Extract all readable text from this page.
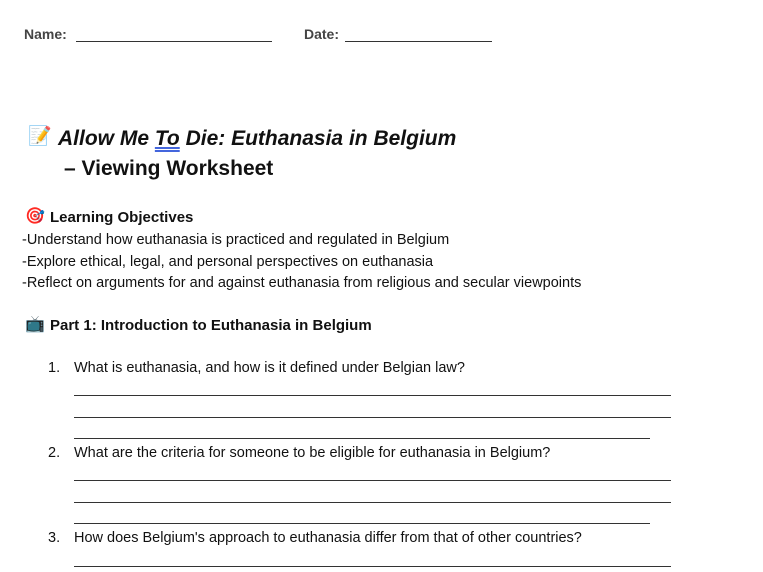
Name:	Date:
📝 Allow Me To Die: Euthanasia in Belgium
– Viewing Worksheet
🎯 Learning Objectives
-Understand how euthanasia is practiced and regulated in Belgium
-Explore ethical, legal, and personal perspectives on euthanasia
-Reflect on arguments for and against euthanasia from religious and secular viewpoints
📺 Part 1: Introduction to Euthanasia in Belgium
1. What is euthanasia, and how is it defined under Belgian law?
2. What are the criteria for someone to be eligible for euthanasia in Belgium?
3. How does Belgium's approach to euthanasia differ from that of other countries?
